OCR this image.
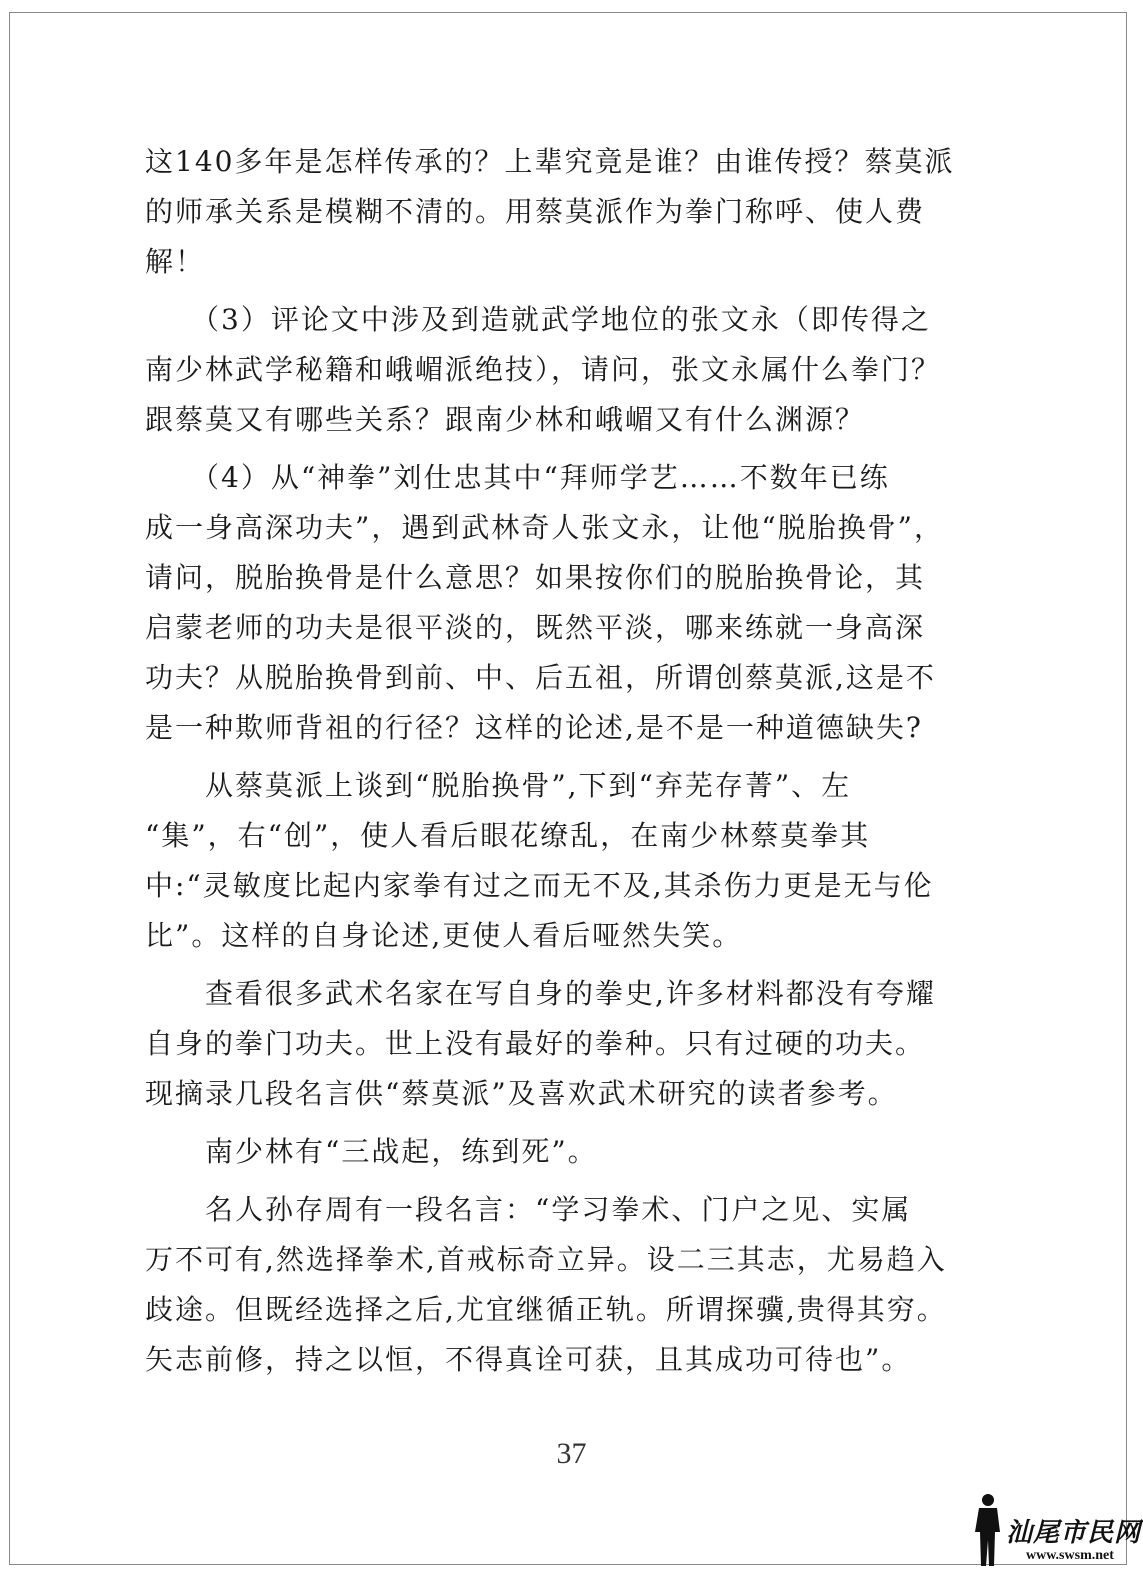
这140多年是怎样传承的？上辈究竟是谁？由谁传授？蔡莫派
的师承关系是模糊不清的。用蔡莫派作为拳门称呼、使人费
解！
　　（3）评论文中涉及到造就武学地位的张文永（即传得之
南少林武学秘籍和峨嵋派绝技），请问，张文永属什么拳门？
跟蔡莫又有哪些关系？跟南少林和峨嵋又有什么渊源？
　　（4）从“神拳”刘仕忠其中“拜师学艺……不数年已练
成一身高深功夫”，遇到武林奇人张文永，让他“脱胎换骨”，
请问，脱胎换骨是什么意思？如果按你们的脱胎换骨论，其
启蒙老师的功夫是很平淡的，既然平淡，哪来练就一身高深
功夫？从脱胎换骨到前、中、后五祖，所谓创蔡莫派,这是不
是一种欺师背祖的行径？这样的论述,是不是一种道德缺失?
　　从蔡莫派上谈到“脱胎换骨”,下到“弃芜存菁”、左
“集”，右“创”，使人看后眼花缭乱，在南少林蔡莫拳其
中:“灵敏度比起内家拳有过之而无不及,其杀伤力更是无与伦
比”。这样的自身论述,更使人看后哑然失笑。
　　查看很多武术名家在写自身的拳史,许多材料都没有夸耀
自身的拳门功夫。世上没有最好的拳种。只有过硬的功夫。
现摘录几段名言供“蔡莫派”及喜欢武术研究的读者参考。
　　南少林有“三战起，练到死”。
　　名人孙存周有一段名言：“学习拳术、门户之见、实属
万不可有,然选择拳术,首戒标奇立异。设二三其志，尤易趋入
歧途。但既经选择之后,尤宜继循正轨。所谓探骥,贵得其穷。
矢志前修，持之以恒，不得真诠可获，且其成功可待也”。
37
汕尾市民网
www.swsm.net
